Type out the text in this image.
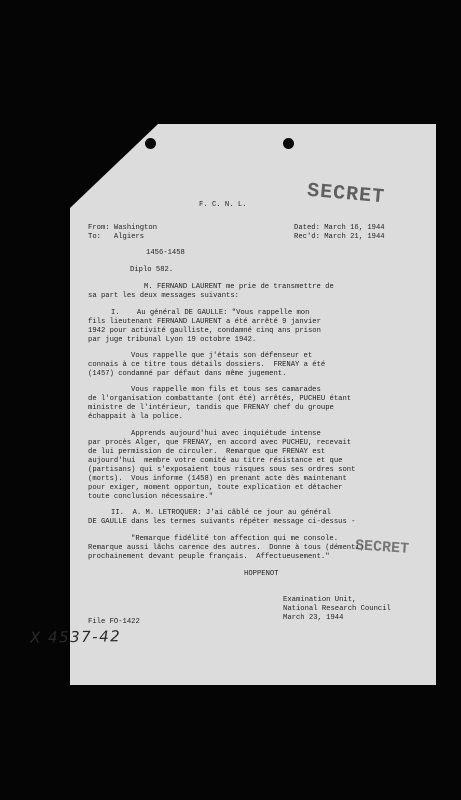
SECRET
F. C. N. L.
From: Washington
To:   Algiers
Dated: March 16, 1944
Rec'd: March 21, 1944
1456-1458
Diplo 582.
M. FERNAND LAURENT me prie de transmettre de
sa part les deux messages suivants:
I.    Au général DE GAULLE: "Vous rappelle mon
fils lieutenant FERNAND LAURENT a été arrêté 9 janvier
1942 pour activité gaulliste, condamné cinq ans prison
par juge tribunal Lyon 19 octobre 1942.
Vous rappelle que j'étais son défenseur et
connais à ce titre tous détails dossiers.  FRENAY a été
(1457) condamné par défaut dans même jugement.
Vous rappelle mon fils et tous ses camarades
de l'organisation combattante (ont été) arrêtés, PUCHEU étant
ministre de l'intérieur, tandis que FRENAY chef du groupe
échappait à la police.
Apprends aujourd'hui avec inquiétude intense
par procès Alger, que FRENAY, en accord avec PUCHEU, recevait
de lui permission de circuler.  Remarque que FRENAY est
aujourd'hui  membre votre comité au titre résistance et que
(partisans) qui s'exposaient tous risques sous ses ordres sont
(morts).  Vous informe (1458) en prenant acte dès maintenant
pour exiger, moment opportun, toute explication et détacher
toute conclusion nécessaire."
II.  A. M. LETROQUER: J'ai câblé ce jour au général
DE GAULLE dans les termes suivants répéter message ci-dessus -
"Remarque fidélité ton affection qui me console.
Remarque aussi lâchs carence des autres.  Donne à tous (démenti)
prochainement devant peuple français.  Affectueusement." SECRET
HOPPENOT
Examination Unit,
National Research Council
March 23, 1944
File FO-1422
X 4537-42
